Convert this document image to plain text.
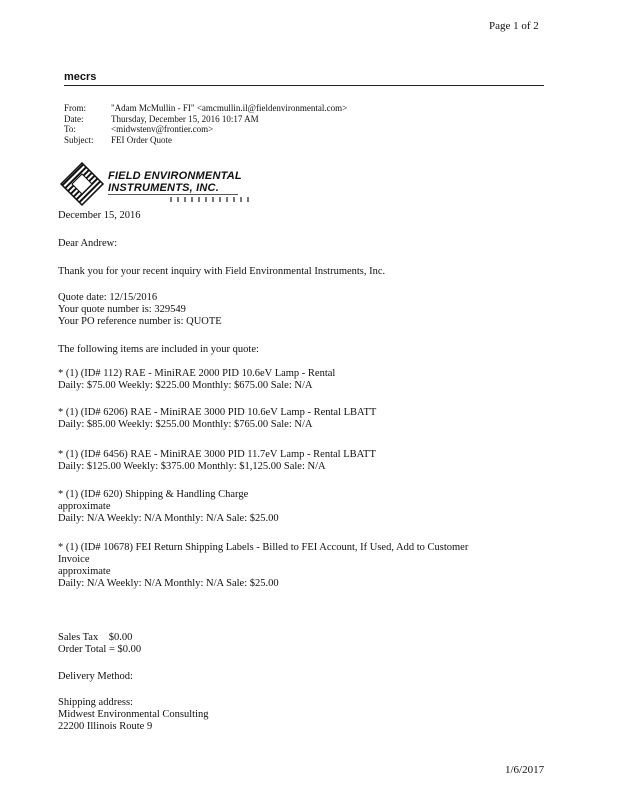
Page 1 of 2
mecrs
From:	"Adam McMullin - FI" <amcmullin.il@fieldenvironmental.com>
Date:	Thursday, December 15, 2016 10:17 AM
To:	<midwstenv@frontier.com>
Subject:	FEI Order Quote
FIELD ENVIRONMENTAL
INSTRUMENTS, INC.
December 15, 2016
Dear Andrew:
Thank you for your recent inquiry with Field Environmental Instruments, Inc.
Quote date: 12/15/2016
Your quote number is: 329549
Your PO reference number is: QUOTE
The following items are included in your quote:
* (1) (ID# 112) RAE - MiniRAE 2000 PID 10.6eV Lamp - Rental
Daily: $75.00 Weekly: $225.00 Monthly: $675.00 Sale: N/A
* (1) (ID# 6206) RAE - MiniRAE 3000 PID 10.6eV Lamp - Rental LBATT
Daily: $85.00 Weekly: $255.00 Monthly: $765.00 Sale: N/A
* (1) (ID# 6456) RAE - MiniRAE 3000 PID 11.7eV Lamp - Rental LBATT
Daily: $125.00 Weekly: $375.00 Monthly: $1,125.00 Sale: N/A
* (1) (ID# 620) Shipping & Handling Charge
approximate
Daily: N/A Weekly: N/A Monthly: N/A Sale: $25.00
* (1) (ID# 10678) FEI Return Shipping Labels - Billed to FEI Account, If Used, Add to Customer
Invoice
approximate
Daily: N/A Weekly: N/A Monthly: N/A Sale: $25.00
Sales Tax    $0.00
Order Total = $0.00
Delivery Method:
Shipping address:
Midwest Environmental Consulting
22200 Illinois Route 9
1/6/2017
